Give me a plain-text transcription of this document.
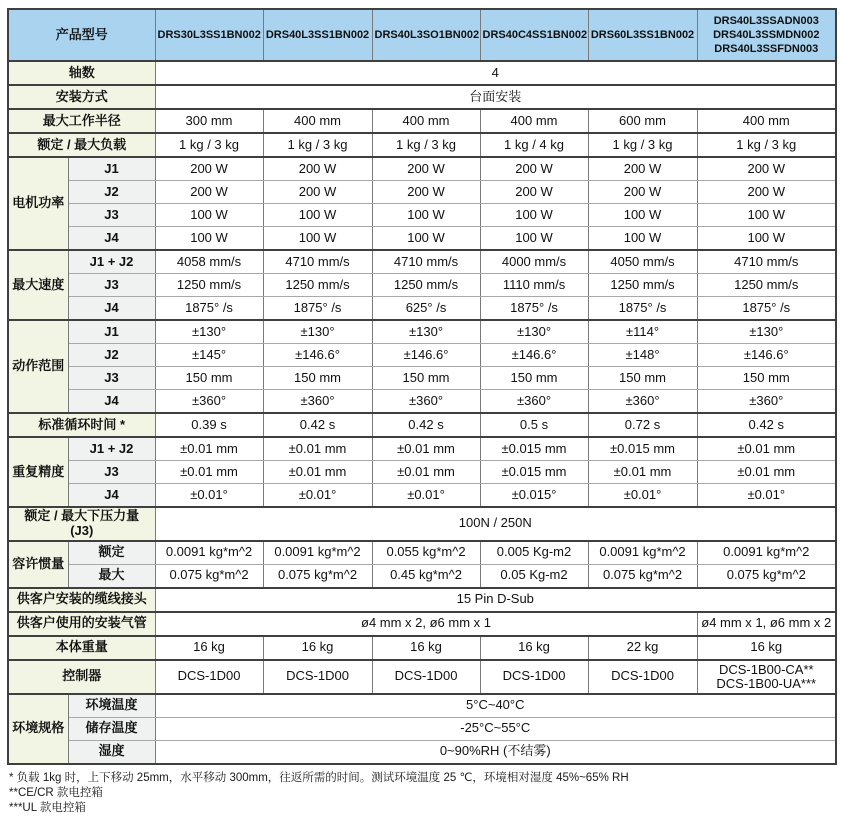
产品型号		DRS30L3SS1BN002	DRS40L3SS1BN002	DRS40L3SO1BN002	DRS40C4SS1BN002	DRS60L3SS1BN002	DRS40L3SSADN003
DRS40L3SSMDN002
DRS40L3SSFDN003

轴数		4					
安装方式		台面安装					
最大工作半径		300 mm	400 mm	400 mm	400 mm	600 mm	400 mm
额定 / 最大负载		1 kg / 3 kg	1 kg / 3 kg	1 kg / 3 kg	1 kg / 4 kg	1 kg / 3 kg	1 kg / 3 kg
电机功率	J1	200 W	200 W	200 W	200 W	200 W	200 W
	J2	200 W	200 W	200 W	200 W	200 W	200 W
	J3	100 W	100 W	100 W	100 W	100 W	100 W
	J4	100 W	100 W	100 W	100 W	100 W	100 W
最大速度	J1 + J2	4058 mm/s	4710 mm/s	4710 mm/s	4000 mm/s	4050 mm/s	4710 mm/s
	J3	1250 mm/s	1250 mm/s	1250 mm/s	1110 mm/s	1250 mm/s	1250 mm/s
	J4	1875° /s	1875° /s	625° /s	1875° /s	1875° /s	1875° /s
动作范围	J1	±130°	±130°	±130°	±130°	±114°	±130°
	J2	±145°	±146.6°	±146.6°	±146.6°	±148°	±146.6°
	J3	150 mm	150 mm	150 mm	150 mm	150 mm	150 mm
	J4	±360°	±360°	±360°	±360°	±360°	±360°
标准循环时间 *		0.39 s	0.42 s	0.42 s	0.5 s	0.72 s	0.42 s
重复精度	J1 + J2	±0.01 mm	±0.01 mm	±0.01 mm	±0.015 mm	±0.015 mm	±0.01 mm
	J3	±0.01 mm	±0.01 mm	±0.01 mm	±0.015 mm	±0.01 mm	±0.01 mm
	J4	±0.01°	±0.01°	±0.01°	±0.015°	±0.01°	±0.01°
额定 / 最大下压力量 (J3)		100N / 250N					
容许惯量	额定	0.0091 kg*m^2	0.0091 kg*m^2	0.055 kg*m^2	0.005 Kg-m2	0.0091 kg*m^2	0.0091 kg*m^2
	最大	0.075 kg*m^2	0.075 kg*m^2	0.45 kg*m^2	0.05 Kg-m2	0.075 kg*m^2	0.075 kg*m^2
供客户安装的缆线接头		15 Pin D-Sub					
供客户使用的安装气管		ø4 mm x 2, ø6 mm x 1					ø4 mm x 1, ø6 mm x 2
本体重量		16 kg	16 kg	16 kg	16 kg	22 kg	16 kg
控制器		DCS-1D00	DCS-1D00	DCS-1D00	DCS-1D00	DCS-1D00	DCS-1B00-CA**
DCS-1B00-UA***

环境规格	环境温度	5°C~40°C					
	储存温度	-25°C~55°C					
	湿度	0~90%RH (不结雾)					
* 负载 1kg 时，上下移动 25mm，水平移动 300mm，往返所需的时间。测试环境温度 25 ℃，环境相对湿度 45%~65% RH
**CE/CR 款电控箱
***UL 款电控箱
